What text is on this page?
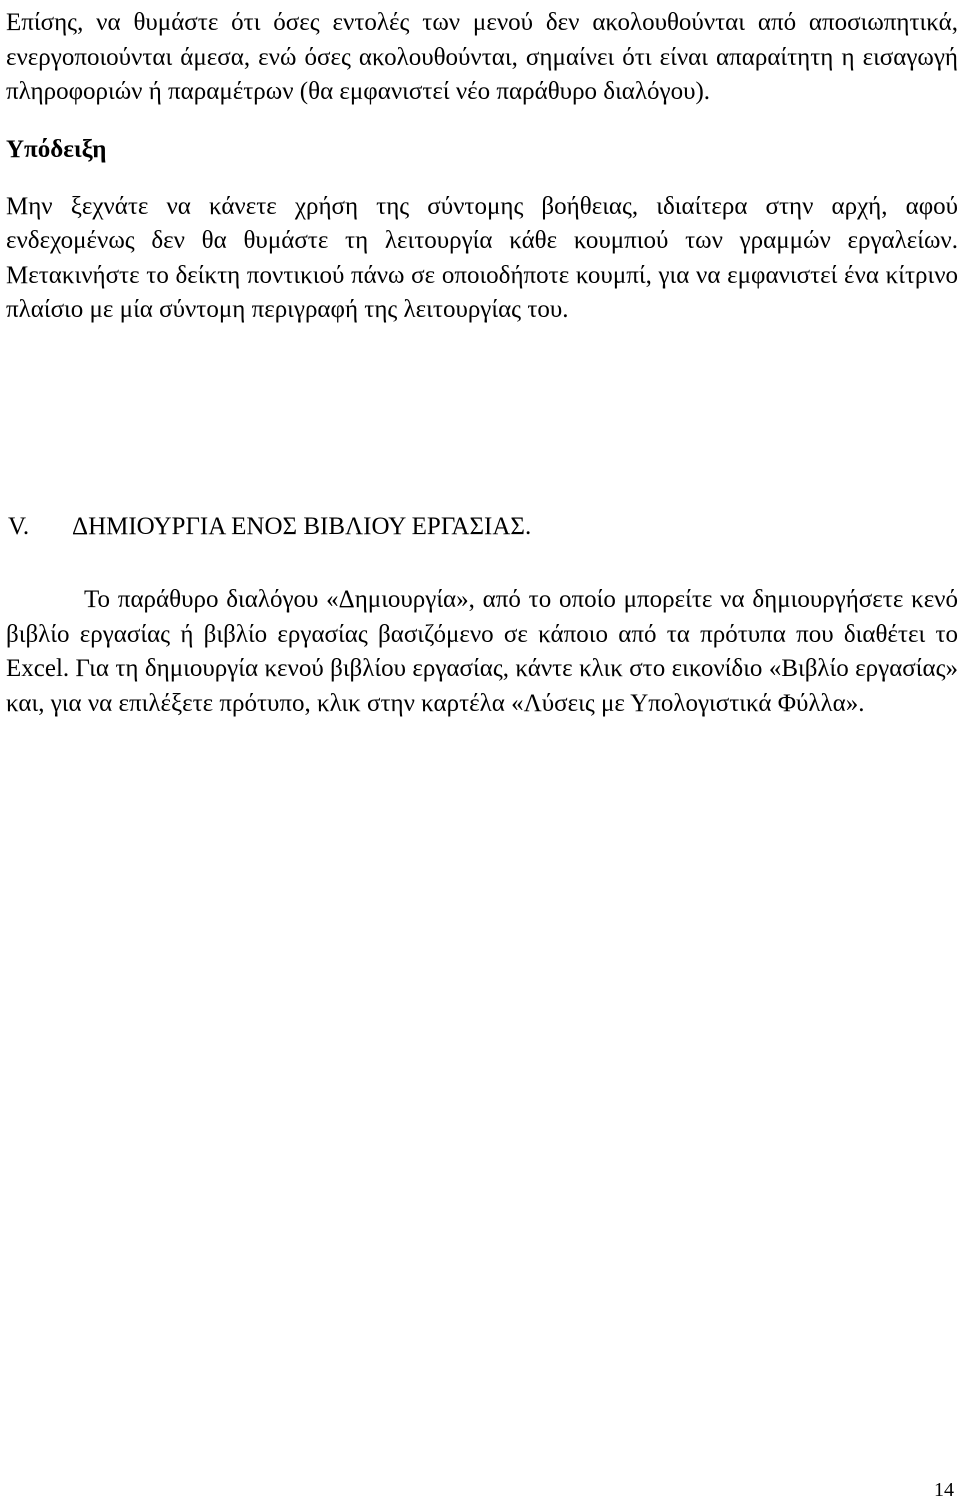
Επίσης, να θυμάστε ότι όσες εντολές των μενού δεν ακολουθούνται από αποσιωπητικά, ενεργοποιούνται άμεσα, ενώ όσες ακολουθούνται, σημαίνει ότι είναι απαραίτητη η εισαγωγή πληροφοριών ή παραμέτρων (θα εμφανιστεί νέο παράθυρο διαλόγου).

Υπόδειξη

Μην ξεχνάτε να κάνετε χρήση της σύντομης βοήθειας, ιδιαίτερα στην αρχή, αφού ενδεχομένως δεν θα θυμάστε τη λειτουργία κάθε κουμπιού των γραμμών εργαλείων. Μετακινήστε το δείκτη ποντικιού πάνω σε οποιοδήποτε κουμπί, για να εμφανιστεί ένα κίτρινο πλαίσιο με μία σύντομη περιγραφή της λειτουργίας του.

V. ΔΗΜΙΟΥΡΓΙΑ ΕΝΟΣ ΒΙΒΛΙΟΥ ΕΡΓΑΣΙΑΣ.

Το παράθυρο διαλόγου «Δημιουργία», από το οποίο μπορείτε να δημιουργήσετε κενό βιβλίο εργασίας ή βιβλίο εργασίας βασιζόμενο σε κάποιο από τα πρότυπα που διαθέτει το Excel. Για τη δημιουργία κενού βιβλίου εργασίας, κάντε κλικ στο εικονίδιο «Βιβλίο εργασίας» και, για να επιλέξετε πρότυπο, κλικ στην καρτέλα «Λύσεις με Υπολογιστικά Φύλλα».

14
